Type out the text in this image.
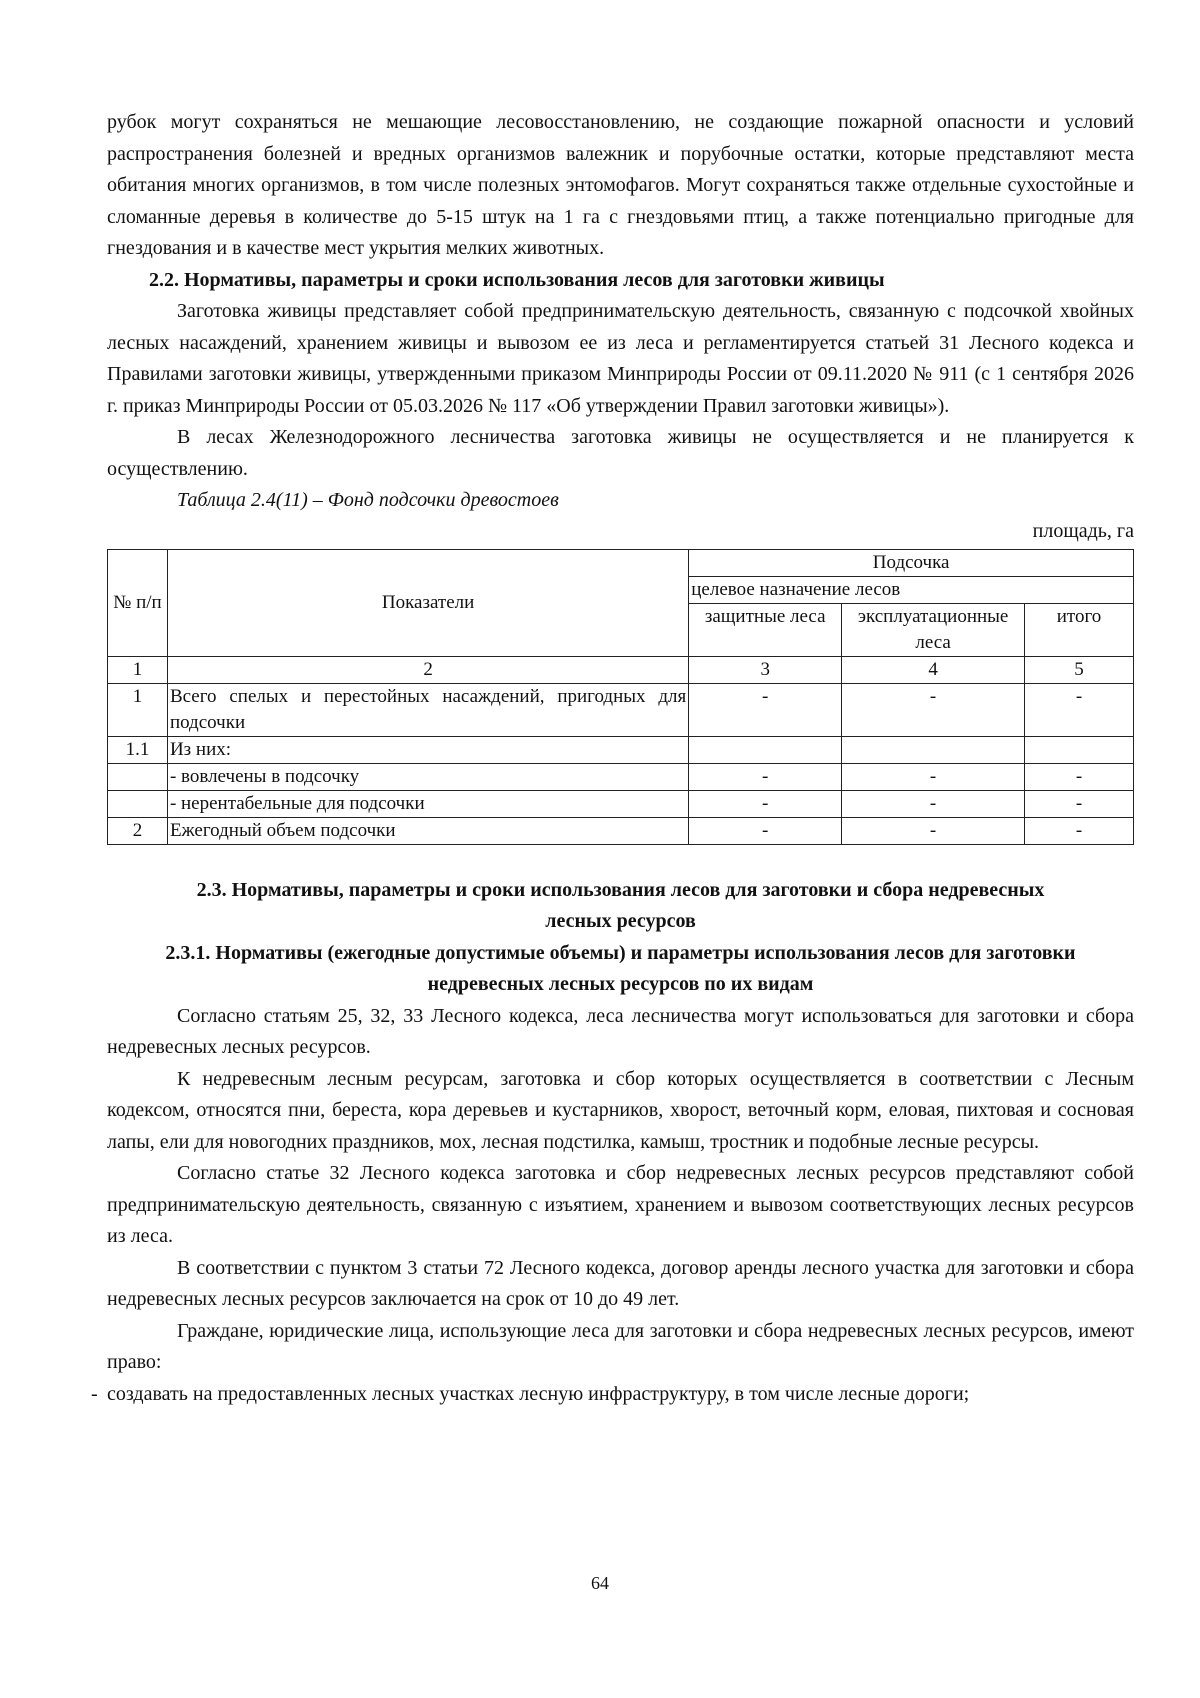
рубок могут сохраняться не мешающие лесовосстановлению, не создающие пожарной опасности и условий распространения болезней и вредных организмов валежник и порубочные остатки, которые представляют места обитания многих организмов, в том числе полезных энтомофагов. Могут сохраняться также отдельные сухостойные и сломанные деревья в количестве до 5-15 штук на 1 га с гнездовьями птиц, а также потенциально пригодные для гнездования и в качестве мест укрытия мелких животных.

2.2. Нормативы, параметры и сроки использования лесов для заготовки живицы

Заготовка живицы представляет собой предпринимательскую деятельность, связанную с подсочкой хвойных лесных насаждений, хранением живицы и вывозом ее из леса и регламентируется статьей 31 Лесного кодекса и Правилами заготовки живицы, утвержденными приказом Минприроды России от 09.11.2020 № 911 (с 1 сентября 2026 г. приказ Минприроды России от 05.03.2026 № 117 «Об утверждении Правил заготовки живицы»).

В лесах Железнодорожного лесничества заготовка живицы не осуществляется и не планируется к осуществлению.

Таблица 2.4(11) – Фонд подсочки древостоев

площадь, га

№ п/п	Показатели	Подсочка		
		целевое назначение лесов		
		защитные леса	эксплуатационные леса	итого

1	2	3	4	5
1	Всего спелых и перестойных насаждений, пригодных для подсочки	-	-	-
1.1	Из них:			
	- вовлечены в подсочку	-	-	-
	- нерентабельные для подсочки	-	-	-
2	Ежегодный объем подсочки	-	-	-

2.3. Нормативы, параметры и сроки использования лесов для заготовки и сбора недревесных лесных ресурсов

2.3.1. Нормативы (ежегодные допустимые объемы) и параметры использования лесов для заготовки недревесных лесных ресурсов по их видам

Согласно статьям 25, 32, 33 Лесного кодекса, леса лесничества могут использоваться для заготовки и сбора недревесных лесных ресурсов.

К недревесным лесным ресурсам, заготовка и сбор которых осуществляется в соответствии с Лесным кодексом, относятся пни, береста, кора деревьев и кустарников, хворост, веточный корм, еловая, пихтовая и сосновая лапы, ели для новогодних праздников, мох, лесная подстилка, камыш, тростник и подобные лесные ресурсы.

Согласно статье 32 Лесного кодекса заготовка и сбор недревесных лесных ресурсов представляют собой предпринимательскую деятельность, связанную с изъятием, хранением и вывозом соответствующих лесных ресурсов из леса.

В соответствии с пунктом 3 статьи 72 Лесного кодекса, договор аренды лесного участка для заготовки и сбора недревесных лесных ресурсов заключается на срок от 10 до 49 лет.

Граждане, юридические лица, использующие леса для заготовки и сбора недревесных лесных ресурсов, имеют право:

- создавать на предоставленных лесных участках лесную инфраструктуру, в том числе лесные дороги;

64
